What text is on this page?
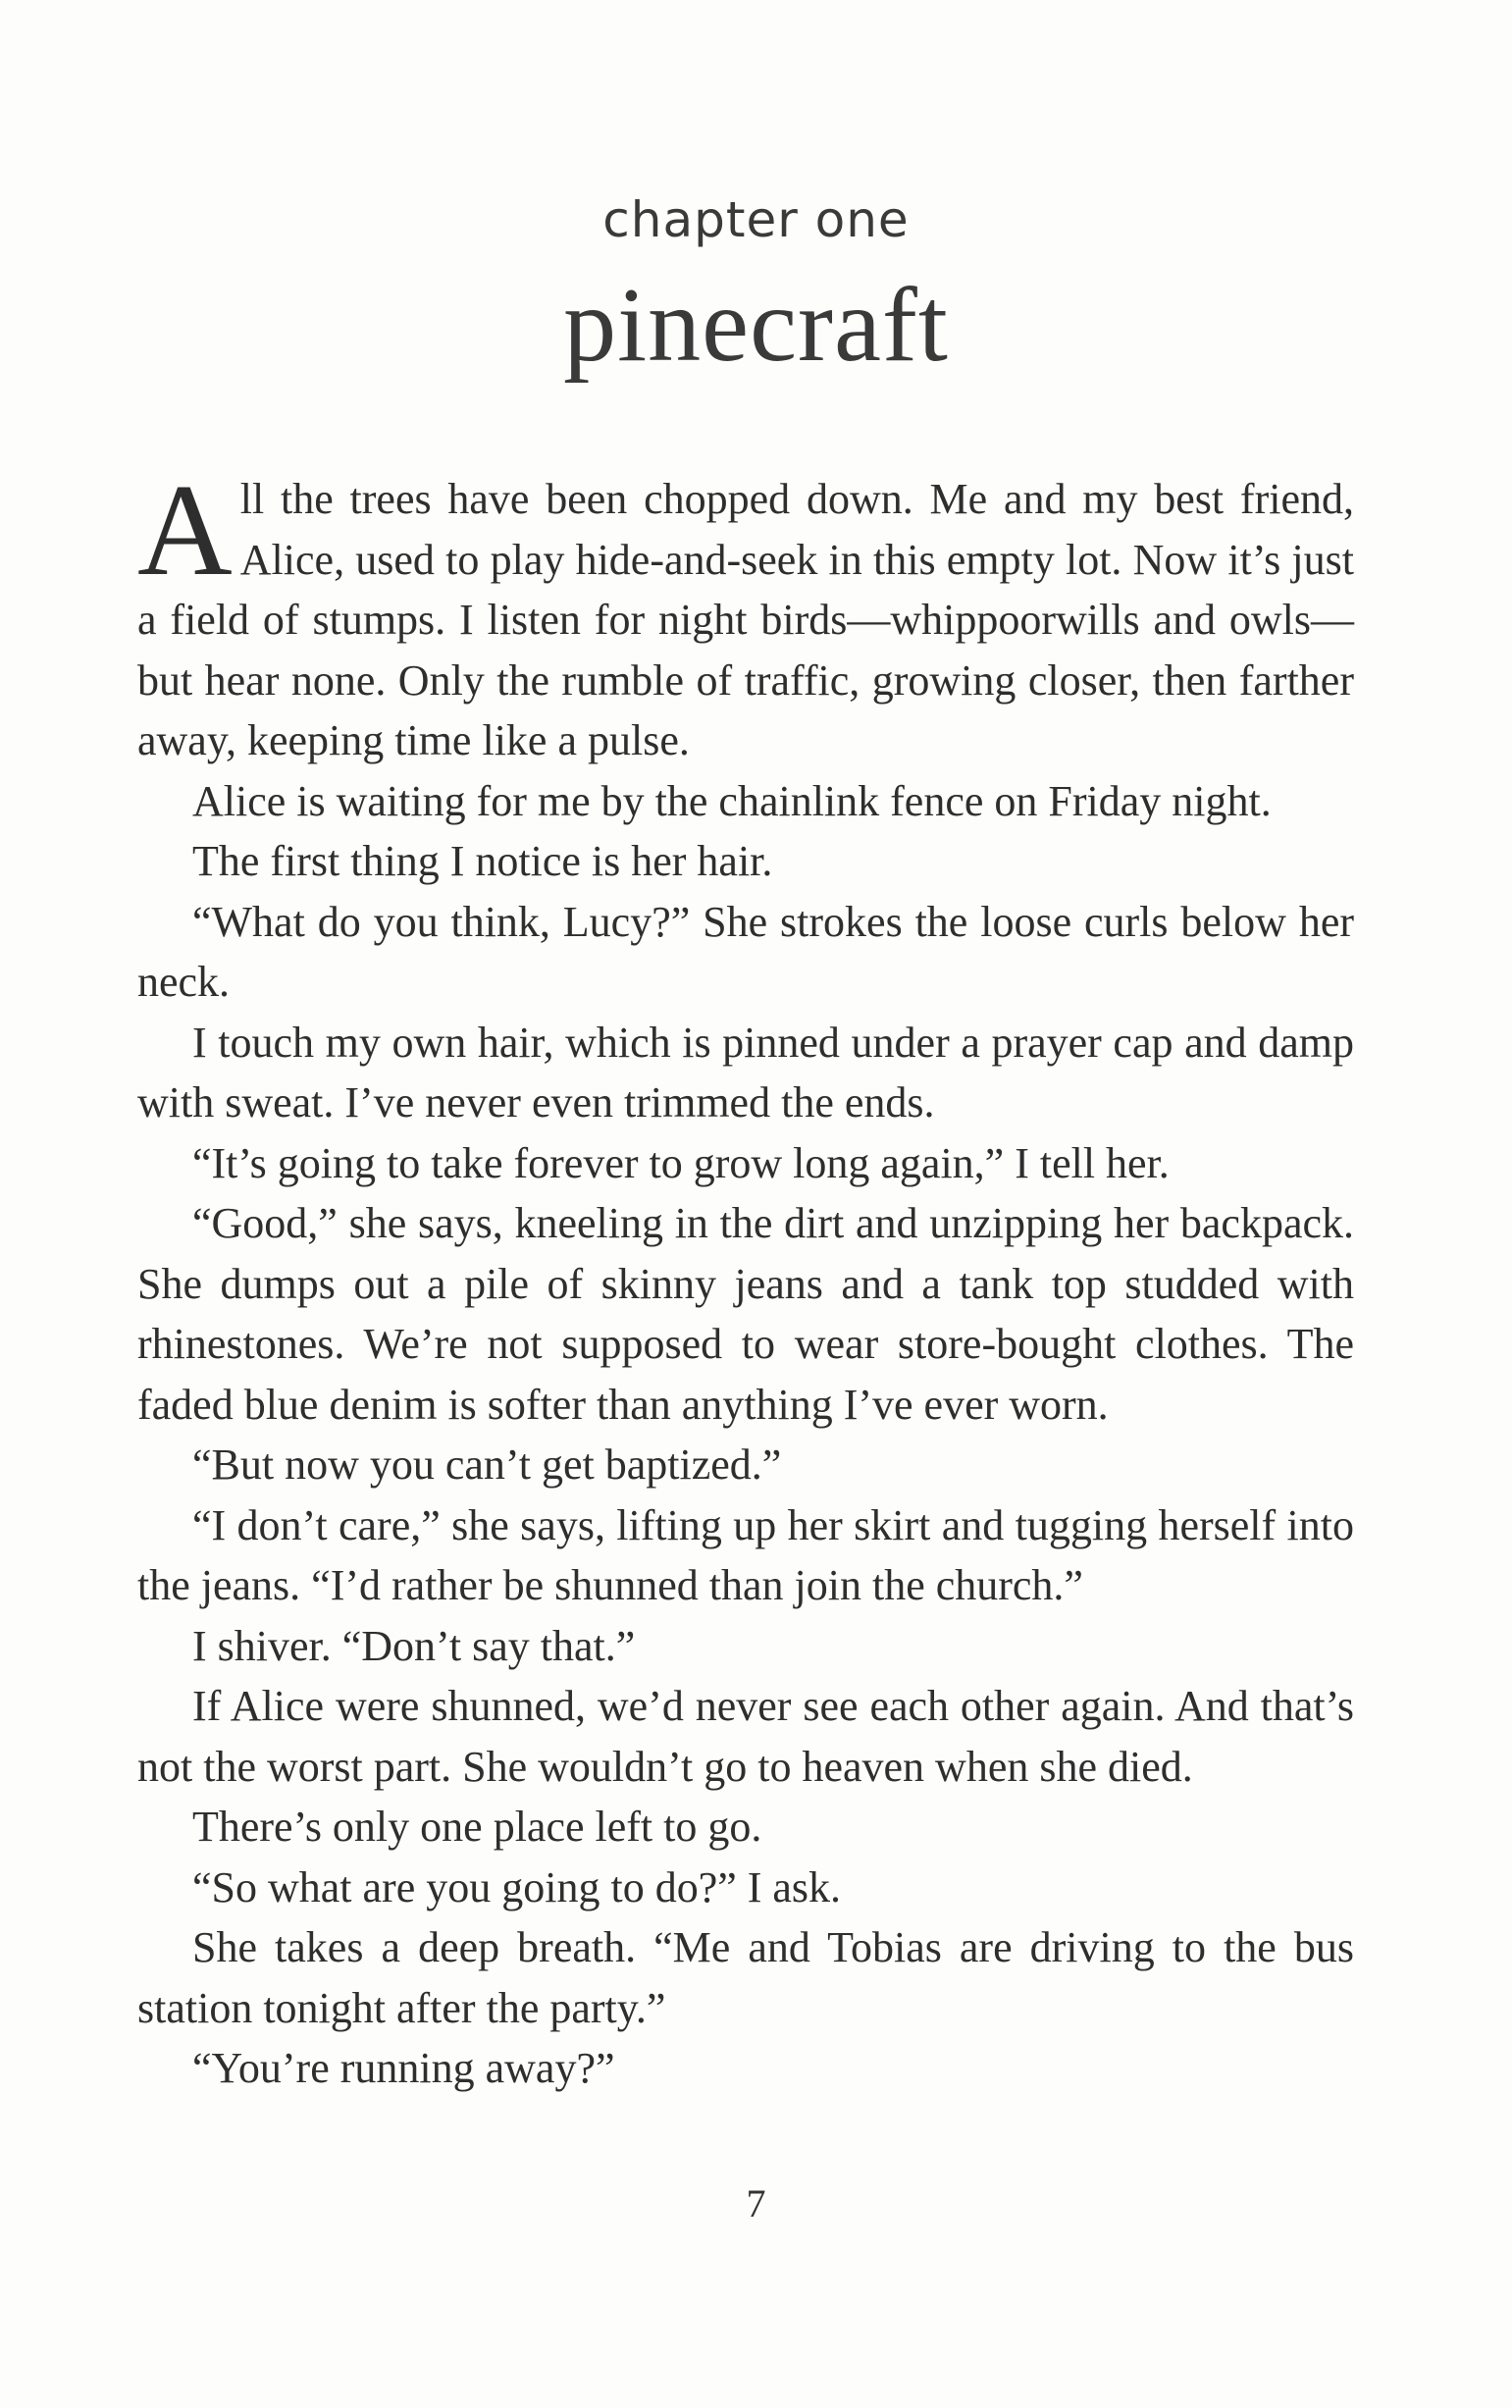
chapter one
pinecraft

All the trees have been chopped down. Me and my best friend, Alice, used to play hide-and-seek in this empty lot. Now it’s just a field of stumps. I listen for night birds—whippoorwills and owls—but hear none. Only the rumble of traffic, growing closer, then farther away, keeping time like a pulse.

Alice is waiting for me by the chainlink fence on Friday night.

The first thing I notice is her hair.

“What do you think, Lucy?” She strokes the loose curls below her neck.

I touch my own hair, which is pinned under a prayer cap and damp with sweat. I’ve never even trimmed the ends.

“It’s going to take forever to grow long again,” I tell her.

“Good,” she says, kneeling in the dirt and unzipping her backpack. She dumps out a pile of skinny jeans and a tank top studded with rhinestones. We’re not supposed to wear store-bought clothes. The faded blue denim is softer than anything I’ve ever worn.

“But now you can’t get baptized.”

“I don’t care,” she says, lifting up her skirt and tugging herself into the jeans. “I’d rather be shunned than join the church.”

I shiver. “Don’t say that.”

If Alice were shunned, we’d never see each other again. And that’s not the worst part. She wouldn’t go to heaven when she died.

There’s only one place left to go.

“So what are you going to do?” I ask.

She takes a deep breath. “Me and Tobias are driving to the bus station tonight after the party.”

“You’re running away?”

7
